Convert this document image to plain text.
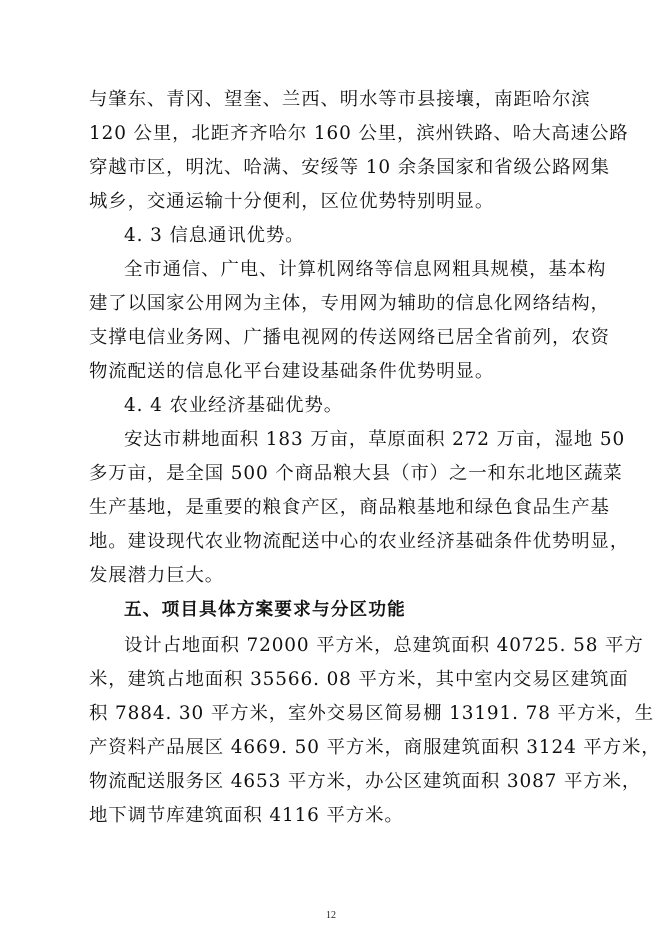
与肇东、青冈、望奎、兰西、明水等市县接壤，南距哈尔滨
120 公里，北距齐齐哈尔 160 公里，滨州铁路、哈大高速公路
穿越市区，明沈、哈满、安绥等 10 余条国家和省级公路网集
城乡，交通运输十分便利，区位优势特别明显。
4. 3 信息通讯优势。
全市通信、广电、计算机网络等信息网粗具规模，基本构
建了以国家公用网为主体，专用网为辅助的信息化网络结构，
支撑电信业务网、广播电视网的传送网络已居全省前列，农资
物流配送的信息化平台建设基础条件优势明显。
4. 4 农业经济基础优势。
安达市耕地面积 183 万亩，草原面积 272 万亩，湿地 50
多万亩，是全国 500 个商品粮大县（市）之一和东北地区蔬菜
生产基地，是重要的粮食产区，商品粮基地和绿色食品生产基
地。建设现代农业物流配送中心的农业经济基础条件优势明显，
发展潜力巨大。
五、项目具体方案要求与分区功能
设计占地面积 72000 平方米，总建筑面积 40725. 58 平方
米，建筑占地面积 35566. 08 平方米，其中室内交易区建筑面
积 7884. 30 平方米，室外交易区简易棚 13191. 78 平方米，生
产资料产品展区 4669. 50 平方米，商服建筑面积 3124 平方米，
物流配送服务区 4653 平方米，办公区建筑面积 3087 平方米，
地下调节库建筑面积 4116 平方米。
12
